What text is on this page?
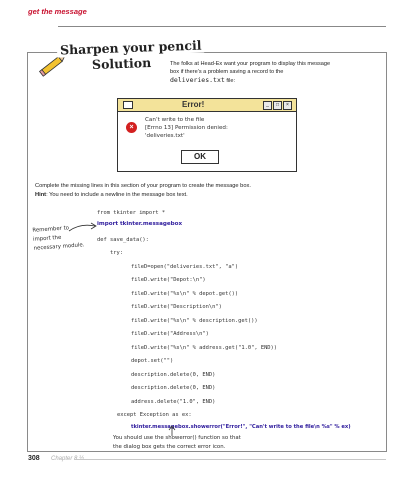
get the message
Sharpen your pencil
Solution	The folks at Head-Ex want your program to display this message
box if there’s a problem saving a record to the
deliveries.txt file:
Error!	_	□	×
×
Can’t write to the file
[Errno 13] Permission denied:
'deliveries.txt'
OK
Complete the missing lines in this section of your program to create the message box.
Hint: You need to include a newline in the message box text.
from tkinter import *
import tkinter.messagebox
def save_data():
try:
fileD=open("deliveries.txt", "a")
fileD.write("Depot:\n")
fileD.write("%s\n" % depot.get())
fileD.write("Description\n")
fileD.write("%s\n" % description.get())
fileD.write("Address\n")
fileD.write("%s\n" % address.get("1.0", END))
depot.set("")
description.delete(0, END)
description.delete(0, END)
address.delete("1.0", END)
except Exception as ex:
tkinter.messagebox.showerror("Error!", "Can't write to the file\n %s" % ex)
Remember to
import the
necessary module.
You should use the showerror() function so that
the dialog box gets the correct error icon.
308 Chapter 8 ½
